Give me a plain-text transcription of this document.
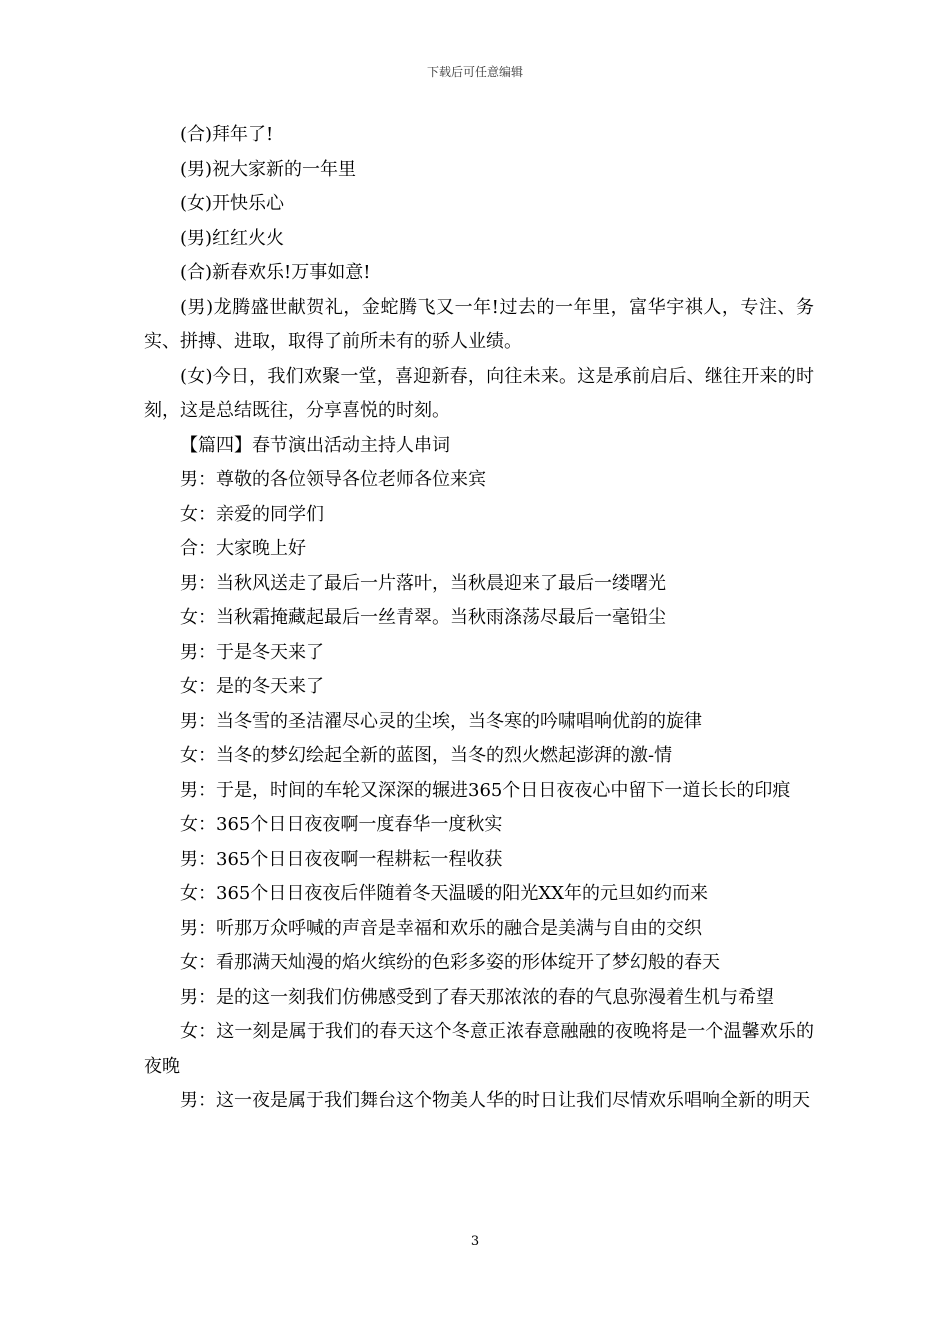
下载后可任意编辑

(合)拜年了!

(男)祝大家新的一年里

(女)开快乐心

(男)红红火火

(合)新春欢乐!万事如意!

(男)龙腾盛世献贺礼，金蛇腾飞又一年!过去的一年里，富华宇祺人，专注、务实、拼搏、进取，取得了前所未有的骄人业绩。

(女)今日，我们欢聚一堂，喜迎新春，向往未来。这是承前启后、继往开来的时刻，这是总结既往，分享喜悦的时刻。

【篇四】春节演出活动主持人串词

男：尊敬的各位领导各位老师各位来宾

女：亲爱的同学们

合：大家晚上好

男：当秋风送走了最后一片落叶，当秋晨迎来了最后一缕曙光

女：当秋霜掩藏起最后一丝青翠。当秋雨涤荡尽最后一毫铅尘

男：于是冬天来了

女：是的冬天来了

男：当冬雪的圣洁濯尽心灵的尘埃，当冬寒的吟啸唱响优韵的旋律

女：当冬的梦幻绘起全新的蓝图，当冬的烈火燃起澎湃的激-情

男：于是，时间的车轮又深深的辗进365个日日夜夜心中留下一道长长的印痕

女：365个日日夜夜啊一度春华一度秋实

男：365个日日夜夜啊一程耕耘一程收获

女：365个日日夜夜后伴随着冬天温暖的阳光XX年的元旦如约而来

男：听那万众呼喊的声音是幸福和欢乐的融合是美满与自由的交织

女：看那满天灿漫的焰火缤纷的色彩多姿的形体绽开了梦幻般的春天

男：是的这一刻我们仿佛感受到了春天那浓浓的春的气息弥漫着生机与希望

女：这一刻是属于我们的春天这个冬意正浓春意融融的夜晚将是一个温馨欢乐的夜晚

男：这一夜是属于我们舞台这个物美人华的时日让我们尽情欢乐唱响全新的明天

3
